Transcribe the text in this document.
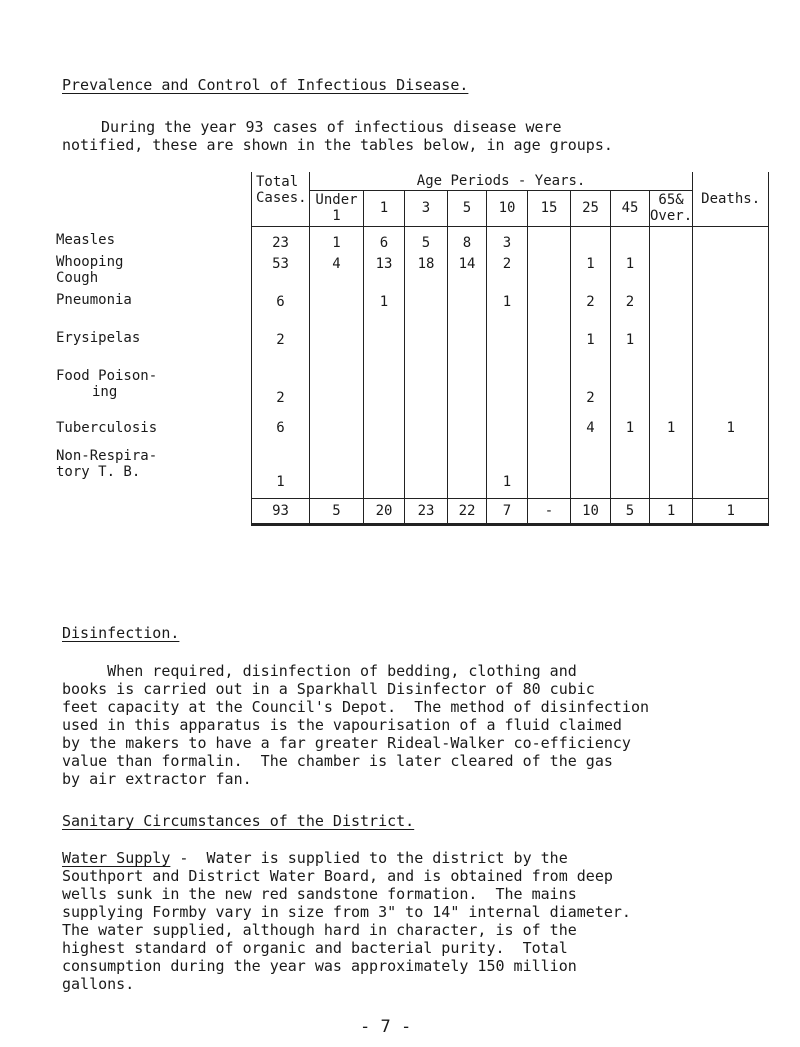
Prevalence and Control of Infectious Disease.
During the year 93 cases of infectious disease were
notified, these are shown in the tables below, in age groups.
	Total
Cases.	Age Periods - Years.									Deaths.
		Under
1	1	3	5	10	15	25	45	65&
Over.	

Measles	23	1	6	5	8	3					
Whooping
Cough	53	4	13	18	14	2		1	1		
Pneumonia	6		1			1		2	2		
Erysipelas	2							1	1		
Food Poison-
ing	2							2			
Tuberculosis	6							4	1	1	1
Non-Respira-
tory T. B.	1					1					

	93	5	20	23	22	7	-	10	5	1	1
Disinfection.
When required, disinfection of bedding, clothing and
books is carried out in a Sparkhall Disinfector of 80 cubic
feet capacity at the Council's Depot.  The method of disinfection
used in this apparatus is the vapourisation of a fluid claimed
by the makers to have a far greater Rideal-Walker co-efficiency
value than formalin.  The chamber is later cleared of the gas
by air extractor fan.
Sanitary Circumstances of the District.
Water Supply -  Water is supplied to the district by the
Southport and District Water Board, and is obtained from deep
wells sunk in the new red sandstone formation.  The mains
supplying Formby vary in size from 3" to 14" internal diameter.
The water supplied, although hard in character, is of the
highest standard of organic and bacterial purity.  Total
consumption during the year was approximately 150 million
gallons.
- 7 -
